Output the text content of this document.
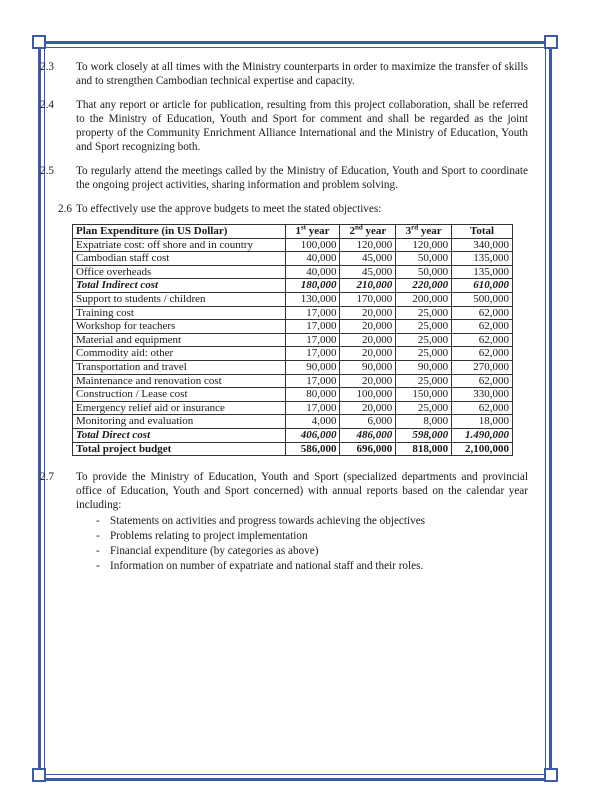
2.3 To work closely at all times with the Ministry counterparts in order to maximize the transfer of skills and to strengthen Cambodian technical expertise and capacity.

2.4 That any report or article for publication, resulting from this project collaboration, shall be referred to the Ministry of Education, Youth and Sport for comment and shall be regarded as the joint property of the Community Enrichment Alliance International and the Ministry of Education, Youth and Sport recognizing both.

2.5 To regularly attend the meetings called by the Ministry of Education, Youth and Sport to coordinate the ongoing project activities, sharing information and problem solving.

2.6 To effectively use the approve budgets to meet the stated objectives:

Plan Expenditure (in US Dollar)	1st year	2nd year	3rd year	Total
Expatriate cost: off shore and in country	100,000	120,000	120,000	340,000
Cambodian staff cost	40,000	45,000	50,000	135,000
Office overheads	40,000	45,000	50,000	135,000
Total Indirect cost	180,000	210,000	220,000	610,000
Support to students / children	130,000	170,000	200,000	500,000
Training cost	17,000	20,000	25,000	62,000
Workshop for teachers	17,000	20,000	25,000	62,000
Material and equipment	17,000	20,000	25,000	62,000
Commodity aid: other	17,000	20,000	25,000	62,000
Transportation and travel	90,000	90,000	90,000	270,000
Maintenance and renovation cost	17,000	20,000	25,000	62,000
Construction / Lease cost	80,000	100,000	150,000	330,000
Emergency relief aid or insurance	17,000	20,000	25,000	62,000
Monitoring and evaluation	4,000	6,000	8,000	18,000
Total Direct cost	406,000	486,000	598,000	1.490,000
Total project budget	586,000	696,000	818,000	2,100,000

2.7 To provide the Ministry of Education, Youth and Sport (specialized departments and provincial office of Education, Youth and Sport concerned) with annual reports based on the calendar year including:

- Statements on activities and progress towards achieving the objectives
- Problems relating to project implementation
- Financial expenditure (by categories as above)
- Information on number of expatriate and national staff and their roles.
